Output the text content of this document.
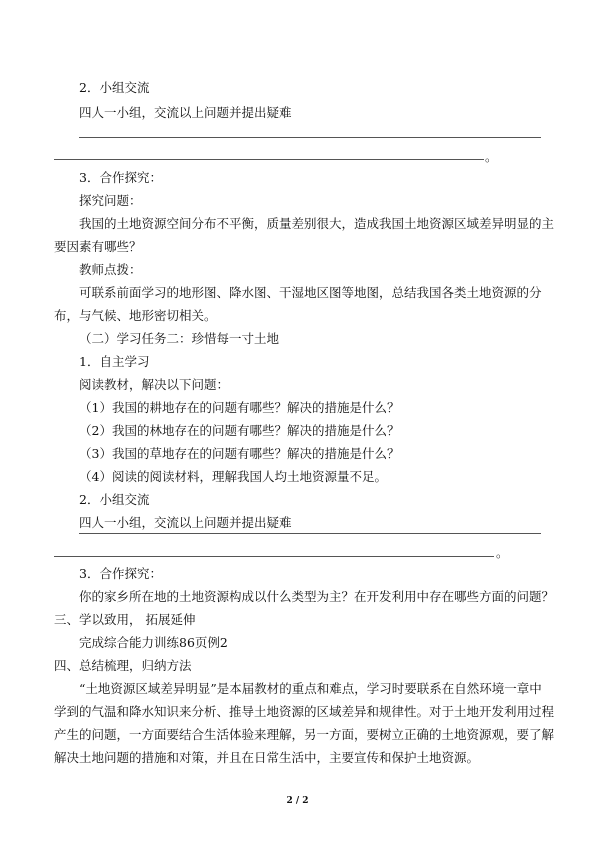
2．小组交流
四人一小组，交流以上问题并提出疑难
。
3．合作探究：
探究问题：
我国的土地资源空间分布不平衡，质量差别很大，造成我国土地资源区域差异明显的主
要因素有哪些？
教师点拨：
可联系前面学习的地形图、降水图、干湿地区图等地图，总结我国各类土地资源的分
布，与气候、地形密切相关。
（二）学习任务二：珍惜每一寸土地
1．自主学习
阅读教材，解决以下问题：
（1）我国的耕地存在的问题有哪些？解决的措施是什么？
（2）我国的林地存在的问题有哪些？解决的措施是什么？
（3）我国的草地存在的问题有哪些？解决的措施是什么？
（4）阅读的阅读材料，理解我国人均土地资源量不足。
2．小组交流
四人一小组，交流以上问题并提出疑难
。
3．合作探究：
你的家乡所在地的土地资源构成以什么类型为主？在开发利用中存在哪些方面的问题？
三、学以致用， 拓展延伸
完成综合能力训练86页例2
四、总结梳理，归纳方法
“土地资源区域差异明显”是本届教材的重点和难点，学习时要联系在自然环境一章中
学到的气温和降水知识来分析、推导土地资源的区域差异和规律性。对于土地开发利用过程
产生的问题，一方面要结合生活体验来理解，另一方面，要树立正确的土地资源观，要了解
解决土地问题的措施和对策，并且在日常生活中，主要宣传和保护土地资源。
2 / 2
